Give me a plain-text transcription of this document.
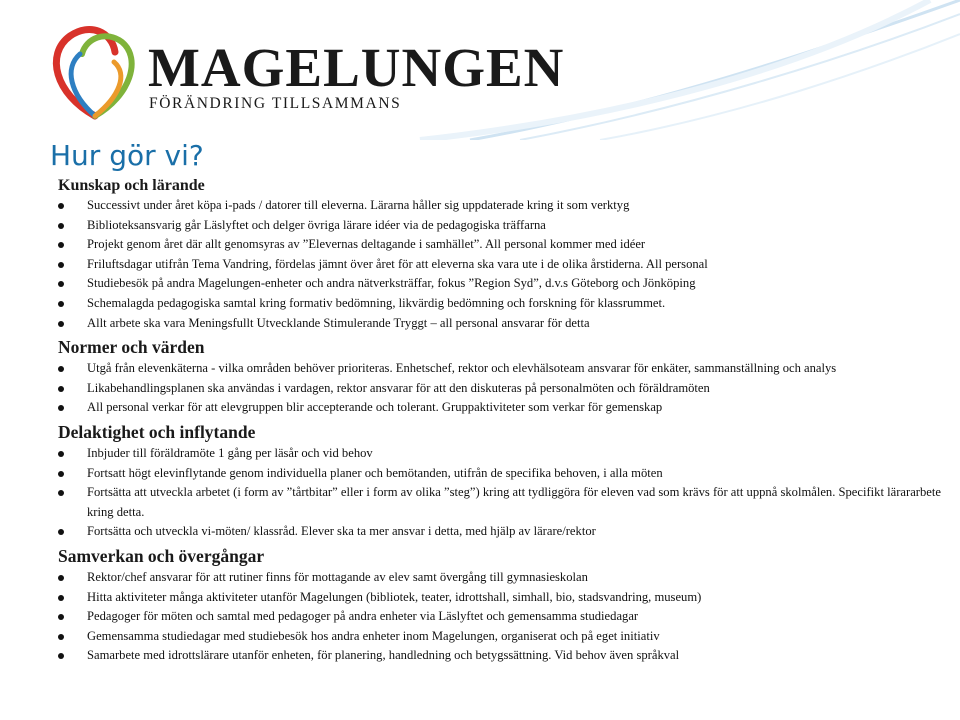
MAGELUNGEN
FÖRÄNDRING TILLSAMMANS
Hur gör vi?
Kunskap och lärande
Successivt under året köpa i-pads / datorer till eleverna. Lärarna håller sig uppdaterade kring it som verktyg
Biblioteksansvarig går Läslyftet och delger övriga lärare idéer via de pedagogiska träffarna
Projekt genom året där allt genomsyras av ”Elevernas deltagande i samhället”. All personal kommer med idéer
Friluftsdagar utifrån Tema Vandring, fördelas jämnt över året för att eleverna ska vara ute i de olika årstiderna. All personal
Studiebesök på andra Magelungen-enheter och andra nätverksträffar, fokus ”Region Syd”, d.v.s Göteborg och Jönköping
Schemalagda pedagogiska samtal kring formativ bedömning, likvärdig bedömning och forskning för klassrummet.
Allt arbete ska vara Meningsfullt Utvecklande Stimulerande Tryggt – all personal ansvarar för detta
Normer och värden
Utgå från elevenkäterna - vilka områden behöver prioriteras. Enhetschef, rektor och elevhälsoteam ansvarar för enkäter, sammanställning och analys
Likabehandlingsplanen ska användas i vardagen, rektor ansvarar för att den diskuteras på personalmöten och föräldramöten
All personal verkar för att elevgruppen blir accepterande och tolerant. Gruppaktiviteter som verkar för gemenskap
Delaktighet och inflytande
Inbjuder till föräldramöte 1 gång per läsår och vid behov
Fortsatt högt elevinflytande genom individuella planer och bemötanden, utifrån de specifika behoven, i alla möten
Fortsätta att utveckla arbetet (i form av ”tårtbitar” eller i form av olika ”steg”) kring att tydliggöra för eleven vad som krävs för att uppnå skolmålen. Specifikt lärararbete kring detta.
Fortsätta och utveckla vi-möten/ klassråd. Elever ska ta mer ansvar i detta, med hjälp av lärare/rektor
Samverkan och övergångar
Rektor/chef ansvarar för att rutiner finns för mottagande av elev samt övergång till gymnasieskolan
Hitta aktiviteter många aktiviteter utanför Magelungen (bibliotek, teater, idrottshall, simhall, bio, stadsvandring, museum)
Pedagoger för möten och samtal med pedagoger på andra enheter via Läslyftet och gemensamma studiedagar
Gemensamma studiedagar med studiebesök hos andra enheter inom Magelungen, organiserat och på eget initiativ
Samarbete med idrottslärare utanför enheten, för planering, handledning och betygssättning. Vid behov även språkval
